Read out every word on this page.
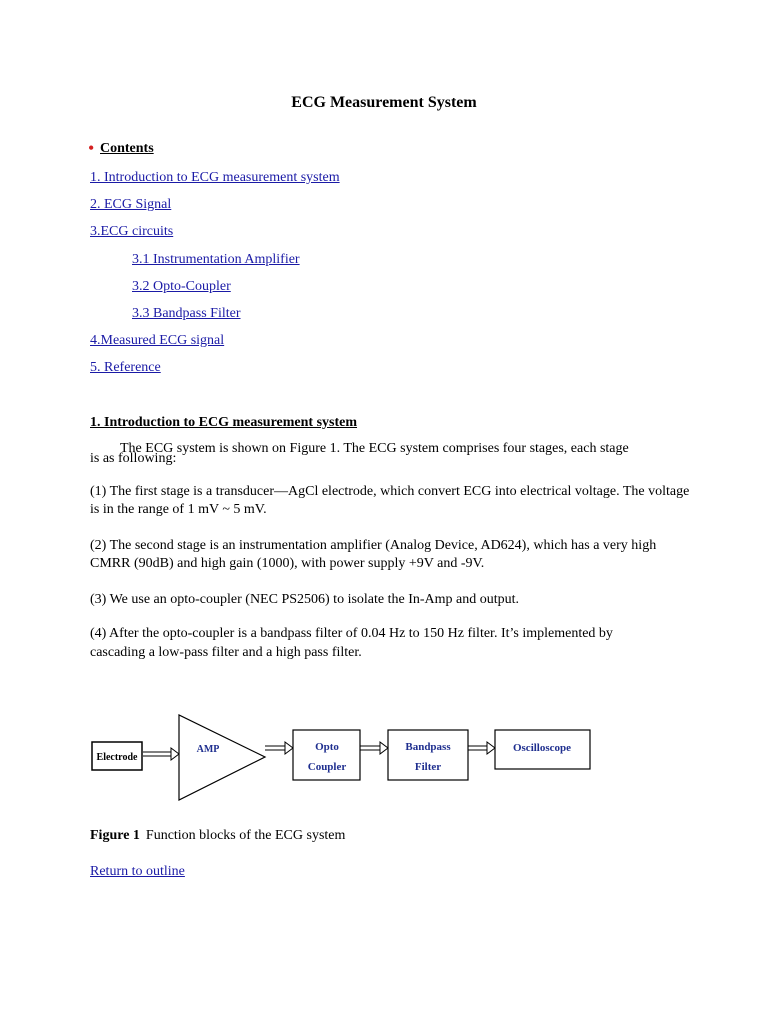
ECG Measurement System
• Contents
1. Introduction to ECG measurement system
2. ECG Signal
3.ECG circuits
3.1 Instrumentation Amplifier
3.2 Opto-Coupler
3.3 Bandpass Filter
4.Measured ECG signal
5. Reference
1. Introduction to ECG measurement system
The ECG system is shown on Figure 1. The ECG system comprises four stages, each stage
is as following:
(1) The first stage is a transducer—AgCl electrode, which convert ECG into electrical voltage. The voltage is in the range of 1 mV ~ 5 mV.
(2) The second stage is an instrumentation amplifier (Analog Device, AD624), which has a very high CMRR (90dB) and high gain (1000), with power supply +9V and -9V.
(3) We use an opto-coupler (NEC PS2506) to isolate the In-Amp and output.
(4) After the opto-coupler is a bandpass filter of 0.04 Hz to 150 Hz filter. It’s implemented by
cascading a low-pass filter and a high pass filter.
Electrode
AMP	Opto
Coupler
Bandpass
Filter
Oscilloscope
Figure 1 Function blocks of the ECG system
Return to outline
